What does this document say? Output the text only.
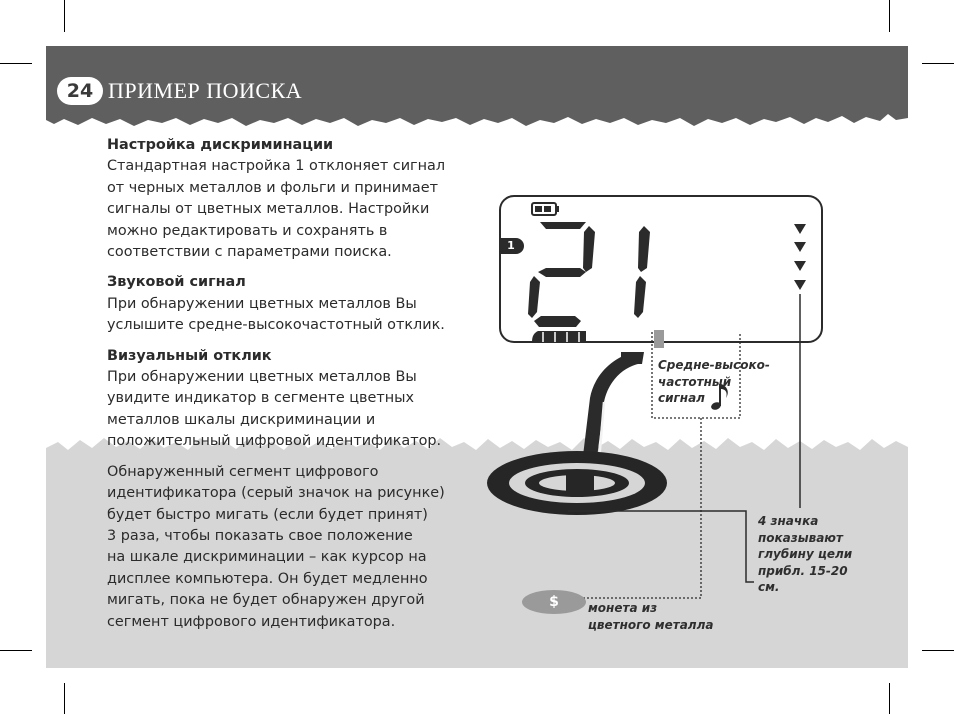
24 ПРИМЕР ПОИСКА

Настройка дискриминации

Стандартная настройка 1 отклоняет сигнал

от черных металлов и фольги и принимает

сигналы от цветных металлов. Настройки

можно редактировать и сохранять в

соответствии с параметрами поиска.

Звуковой сигнал

При обнаружении цветных металлов Вы

услышите средне-высокочастотный отклик.

Визуальный отклик

При обнаружении цветных металлов Вы

увидите индикатор в сегменте цветных

металлов шкалы дискриминации и

положительный цифровой идентификатор.

Обнаруженный сегмент цифрового

идентификатора (серый значок на рисунке)

будет быстро мигать (если будет принят)

3 раза, чтобы показать свое положение

на шкале дискриминации – как курсор на

дисплее компьютера. Он будет медленно

мигать, пока не будет обнаружен другой

сегмент цифрового идентификатора.

1
$
Средне-высоко-
частотный
сигнал
4 значка
показывают
глубину цели
прибл. 15-20
см.
монета из
цветного металла
21
